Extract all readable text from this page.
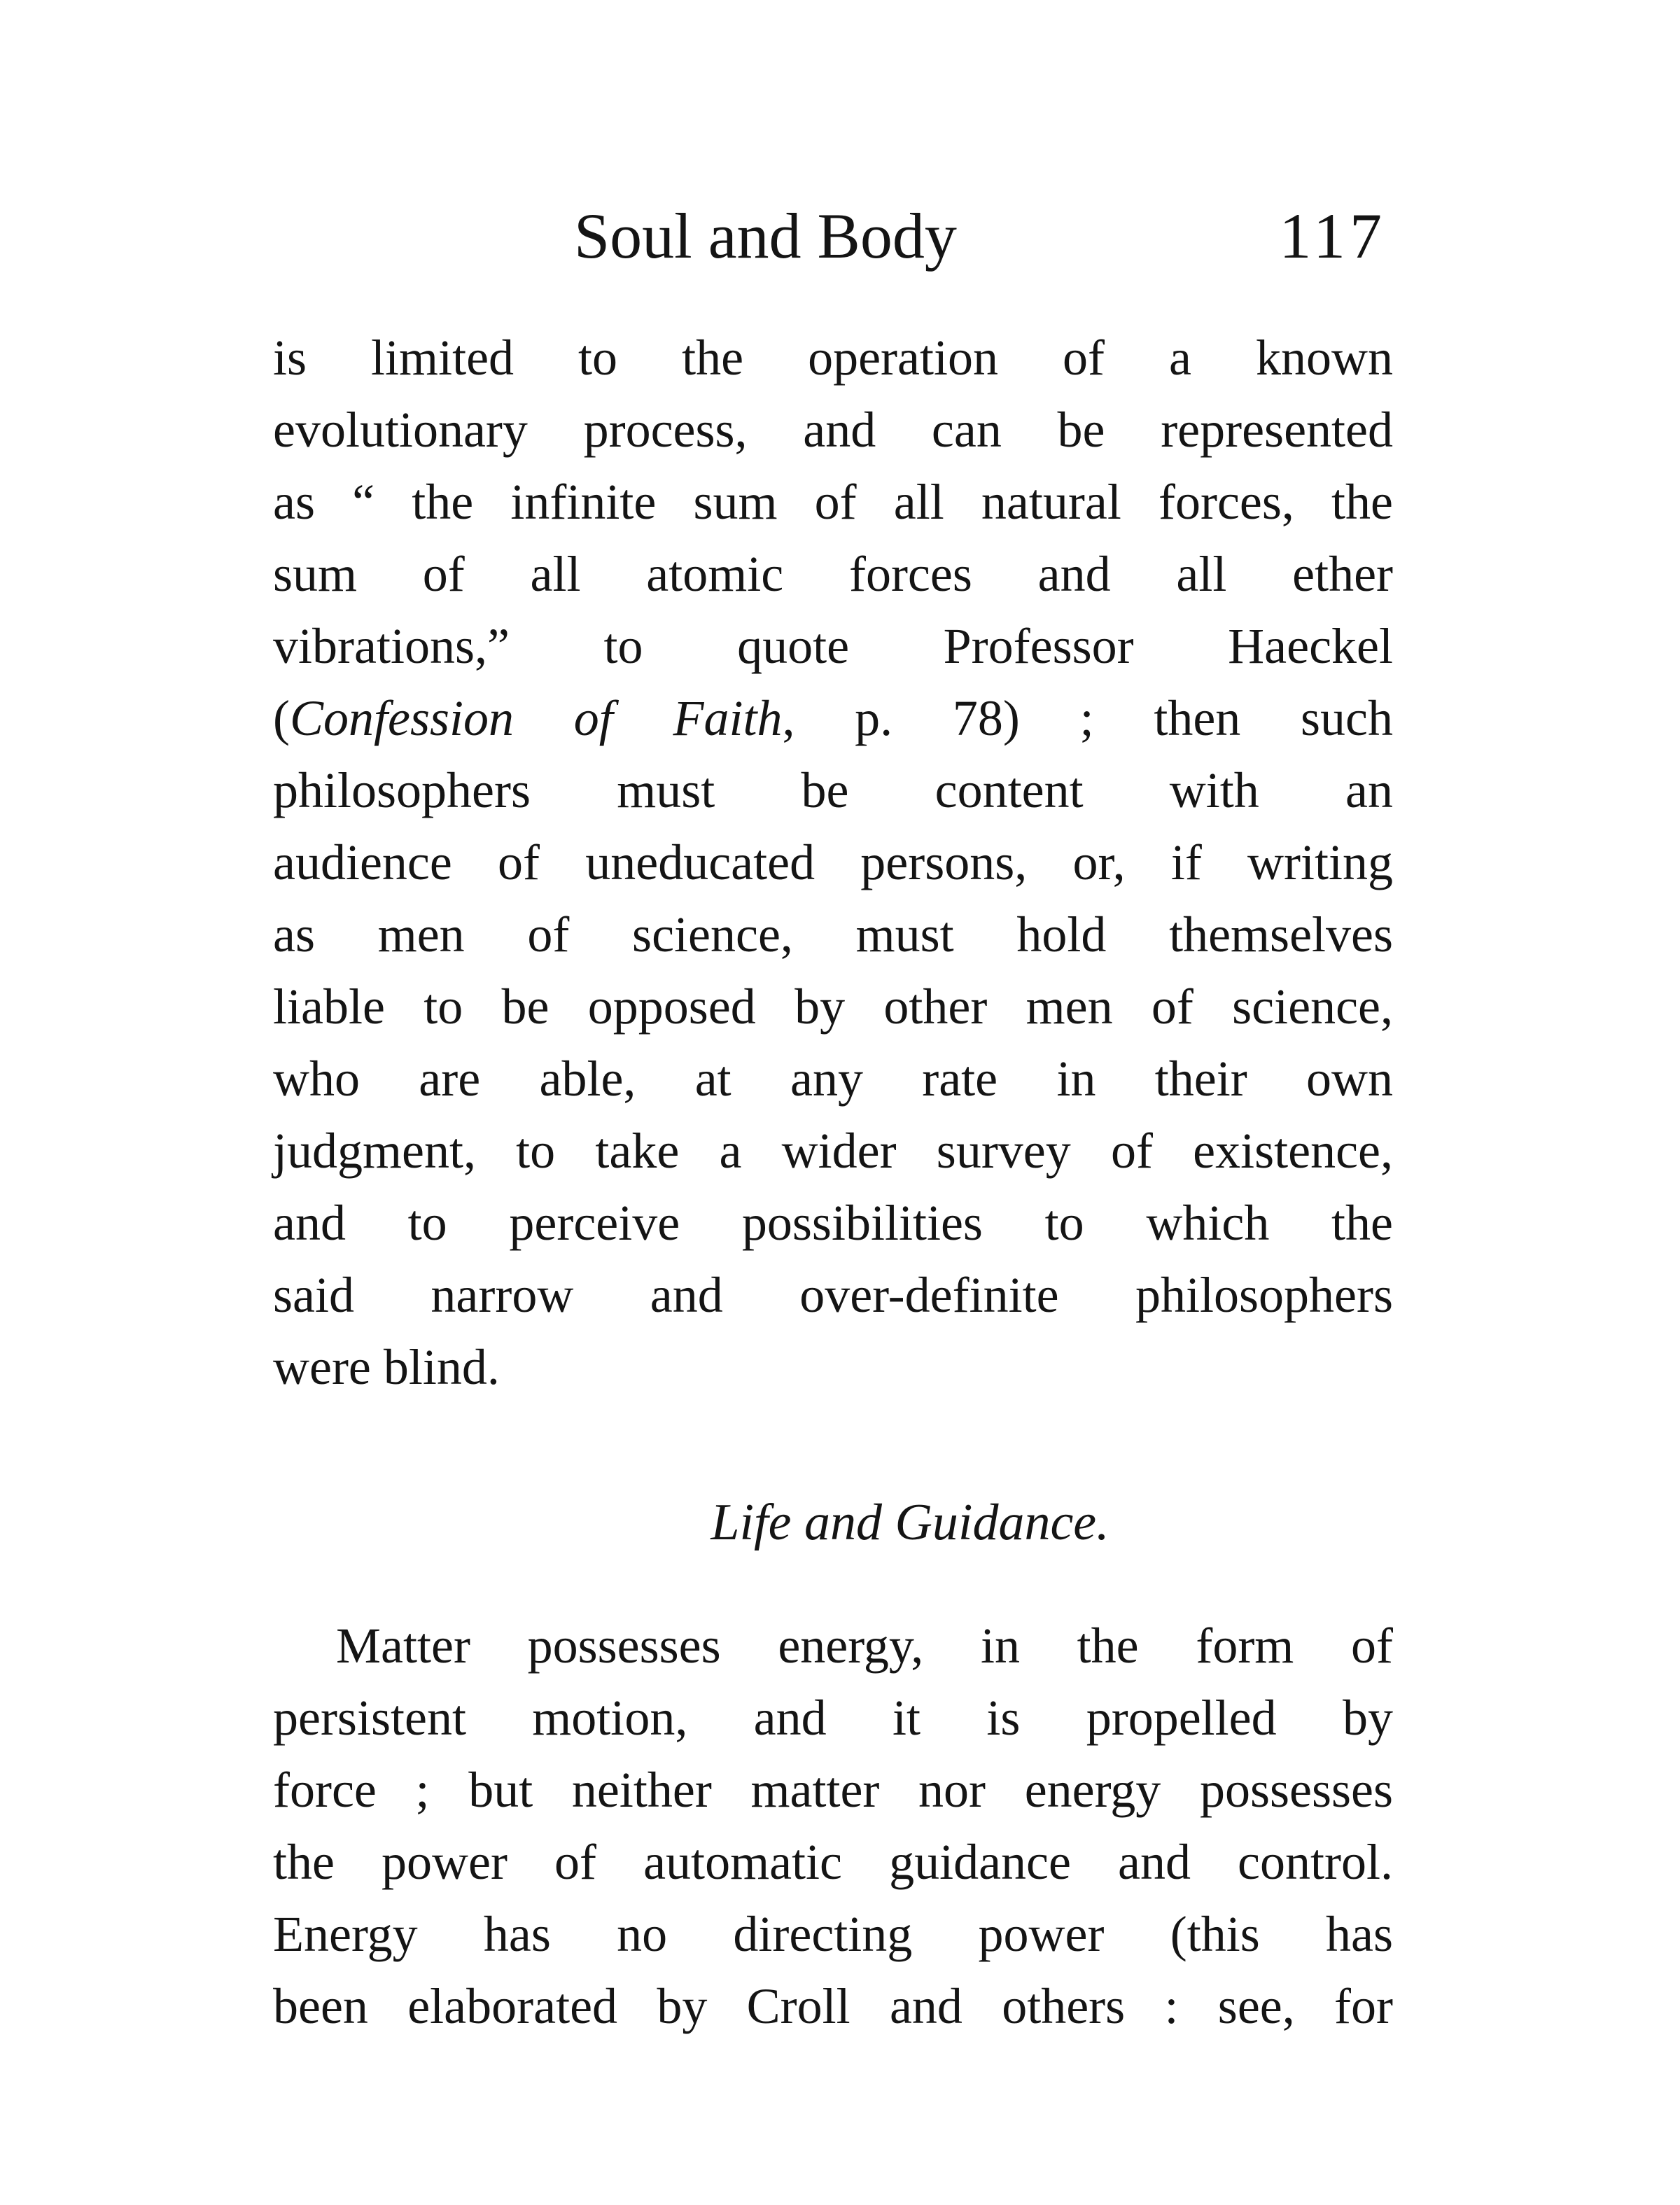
Soul and Body	117
is limited to the operation of a known
evolutionary process, and can be represented
as “ the infinite sum of all natural forces, the
sum of all atomic forces and all ether
vibrations,” to quote Professor Haeckel
(Confession of Faith, p. 78) ; then such
philosophers must be content with an
audience of uneducated persons, or, if writing
as men of science, must hold themselves
liable to be opposed by other men of science,
who are able, at any rate in their own
judgment, to take a wider survey of existence,
and to perceive possibilities to which the
said narrow and over-definite philosophers
were blind.
Life and Guidance.
Matter possesses energy, in the form of
persistent motion, and it is propelled by
force ; but neither matter nor energy possesses
the power of automatic guidance and control.
Energy has no directing power (this has
been elaborated by Croll and others : see, for
